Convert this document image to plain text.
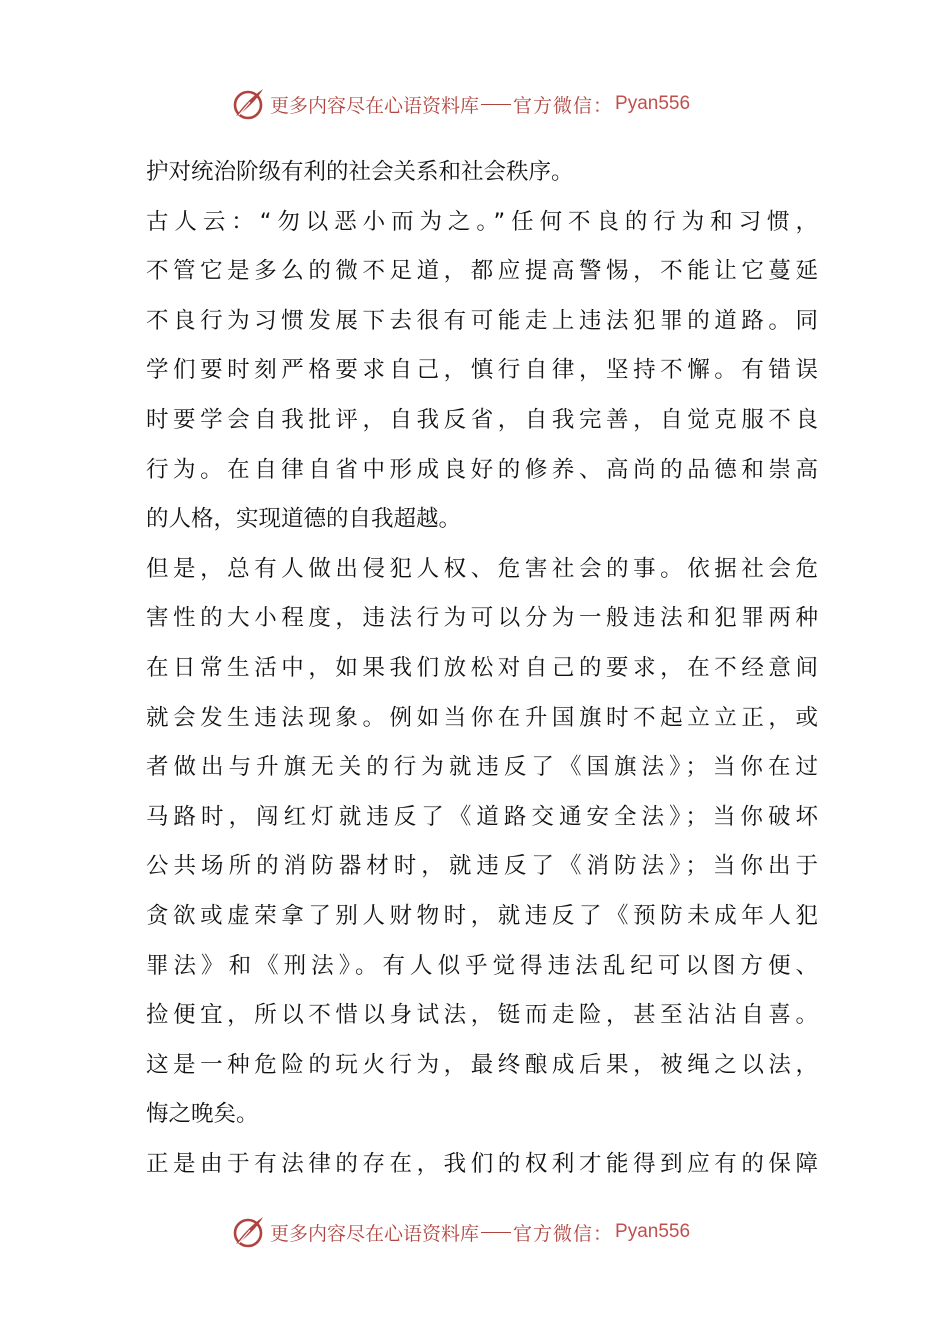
更多内容尽在心语资料库 官方微信： Pyan556
护对统治阶级有利的社会关系和社会秩序。
古人云：“勿以恶小而为之。”任何不良的行为和习惯，
不管它是多么的微不足道，都应提高警惕，不能让它蔓延
不良行为习惯发展下去很有可能走上违法犯罪的道路。同
学们要时刻严格要求自己，慎行自律，坚持不懈。有错误
时要学会自我批评，自我反省，自我完善，自觉克服不良
行为。在自律自省中形成良好的修养、高尚的品德和崇高
的人格，实现道德的自我超越。
但是，总有人做出侵犯人权、危害社会的事。依据社会危
害性的大小程度，违法行为可以分为一般违法和犯罪两种
在日常生活中，如果我们放松对自己的要求，在不经意间
就会发生违法现象。例如当你在升国旗时不起立立正，或
者做出与升旗无关的行为就违反了《国旗法》；当你在过
马路时，闯红灯就违反了《道路交通安全法》；当你破坏
公共场所的消防器材时，就违反了《消防法》；当你出于
贪欲或虚荣拿了别人财物时，就违反了《预防未成年人犯
罪法》和《刑法》。有人似乎觉得违法乱纪可以图方便、
捡便宜，所以不惜以身试法，铤而走险，甚至沾沾自喜。
这是一种危险的玩火行为，最终酿成后果，被绳之以法，
悔之晚矣。
正是由于有法律的存在，我们的权利才能得到应有的保障
更多内容尽在心语资料库 官方微信： Pyan556
